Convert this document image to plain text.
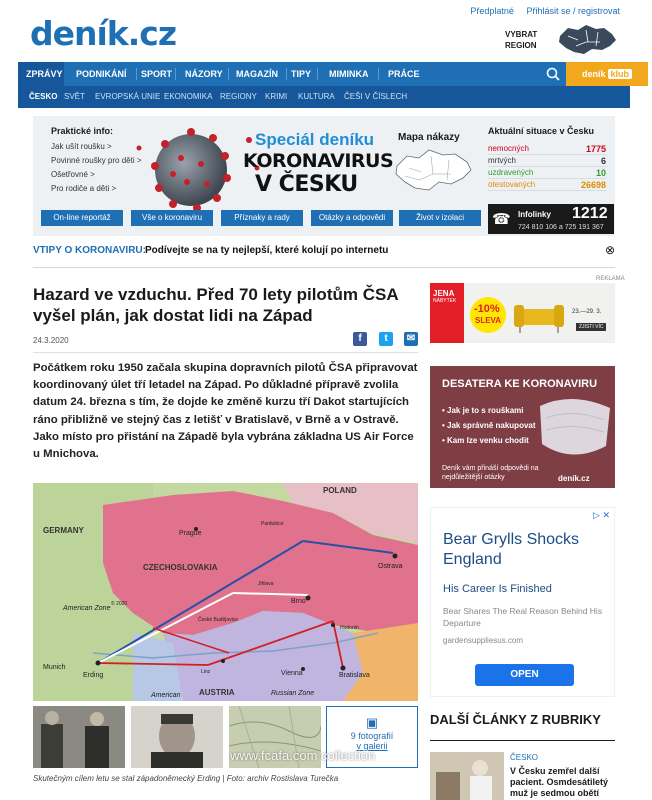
deník.cz
Předplatné Přihlásit se / registrovat
VYBRAT
REGION
ZPRÁVY	PODNIKÁNÍ	SPORT	NÁZORY	MAGAZÍN	TIPY	MIMINKA	PRÁCE	deník klub
ČESKO SVĚT EVROPSKÁ UNIE EKONOMIKA REGIONY KRIMI KULTURA ČEŠI V ČÍSLECH
Praktické info:
Jak ušít roušku >
Povinné roušky pro děti >
Ošetřovné >
Pro rodiče a děti >
Speciál deníku
KORONAVIRUS
V ČESKU
Mapa nákazy
Aktuální situace v Česku
nemocných	1775
mrtvých	6
uzdravených	10
otestovaných	26698
On-line reportáž	Vše o koronaviru	Příznaky a rady	Otázky a odpovědi	Život v izolaci	☎ Infolinky 1212
724 810 106 a 725 191 367
VTIPY O KORONAVIRU: Podívejte se na ty nejlepší, které kolují po internetu	⊗
Hazard ve vzduchu. Před 70 lety pilotům ČSA vyšel plán, jak dostat lidi na Západ
24.3.2020	f	t	✉

Počátkem roku 1950 začala skupina dopravních pilotů ČSA připravovat koordinovaný úlet tří letadel na Západ. Po důkladné přípravě zvolila datum 24. března s tím, že dojde ke změně kurzu tří Dakot startujících ráno přibližně ve stejný čas z letišť v Bratislavě, v Brně a v Ostravě. Jako místo pro přistání na Západě byla vybrána základna US Air Force u Mnichova.

POLAND
GERMANY
CZECHOSLOVAKIA
Prague
Pardubice
Ostrava
Jihlava
Brno
České Budějovice
Hodonín
American Zone
American
Munich
Erding	Linz	Vienna	Bratislava
AUSTRIA	Russian Zone
© 2020
▣
9 fotografií
v galerii
www.fcafa.com collection
Skutečným cílem letu se stal západoněmecký Erding | Foto: archiv Rostislava Turečka
REKLAMA
JENA
NÁBYTEK
-10%
SLEVA
23.—29. 3.
ZJISTI VÍC
DESATERA KE KORONAVIRU
• Jak je to s rouškami
• Jak správně nakupovat
• Kam lze venku chodit
Deník vám přináší odpovědi na nejdůležitější otázky	deník.cz
▷ ✕
Bear Grylls Shocks England
His Career Is Finished
Bear Shares The Real Reason Behind His Departure
gardensuppliesus.com
OPEN
DALŠÍ ČLÁNKY Z RUBRIKY
ČESKO
V Česku zemřel další pacient. Osmdesátiletý muž je sedmou obětí
